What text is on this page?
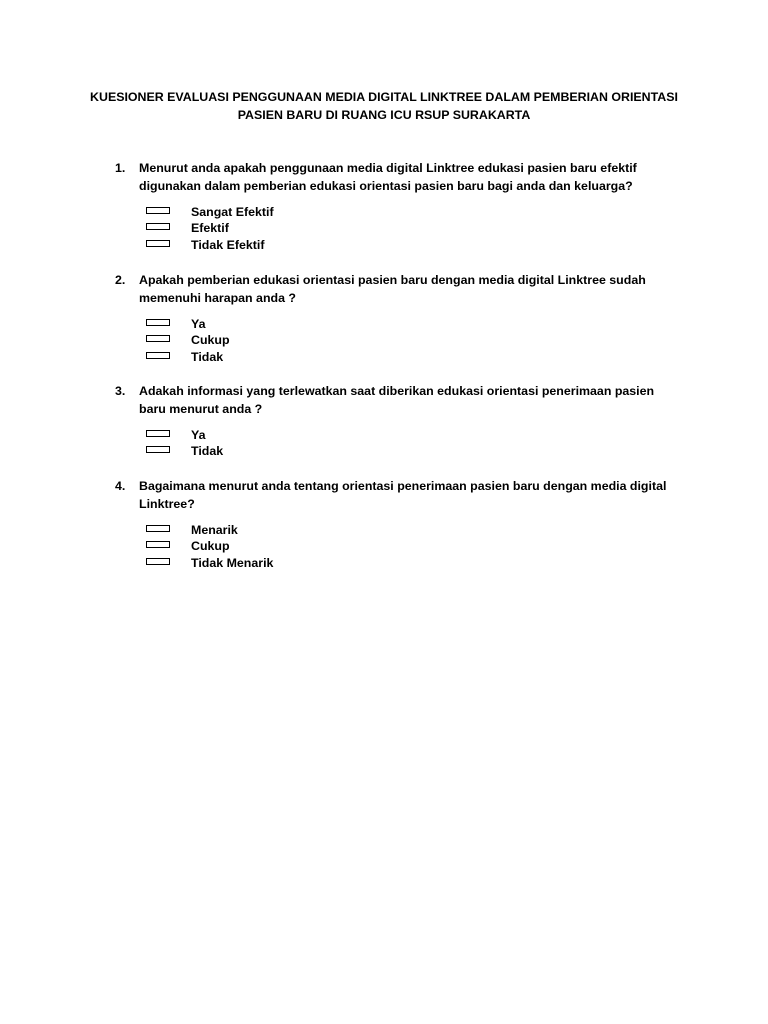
KUESIONER EVALUASI PENGGUNAAN MEDIA DIGITAL LINKTREE DALAM PEMBERIAN ORIENTASI
PASIEN BARU DI RUANG ICU RSUP SURAKARTA
1. Menurut anda apakah penggunaan media digital Linktree edukasi pasien baru efektif
digunakan dalam pemberian edukasi orientasi pasien baru bagi anda dan keluarga?
Sangat Efektif
Efektif
Tidak Efektif
2. Apakah pemberian edukasi orientasi pasien baru dengan media digital Linktree sudah
memenuhi harapan anda ?
Ya
Cukup
Tidak
3. Adakah informasi yang terlewatkan saat diberikan edukasi orientasi penerimaan pasien
baru menurut anda ?
Ya
Tidak
4. Bagaimana menurut anda tentang orientasi penerimaan pasien baru dengan media digital
Linktree?
Menarik
Cukup
Tidak Menarik
